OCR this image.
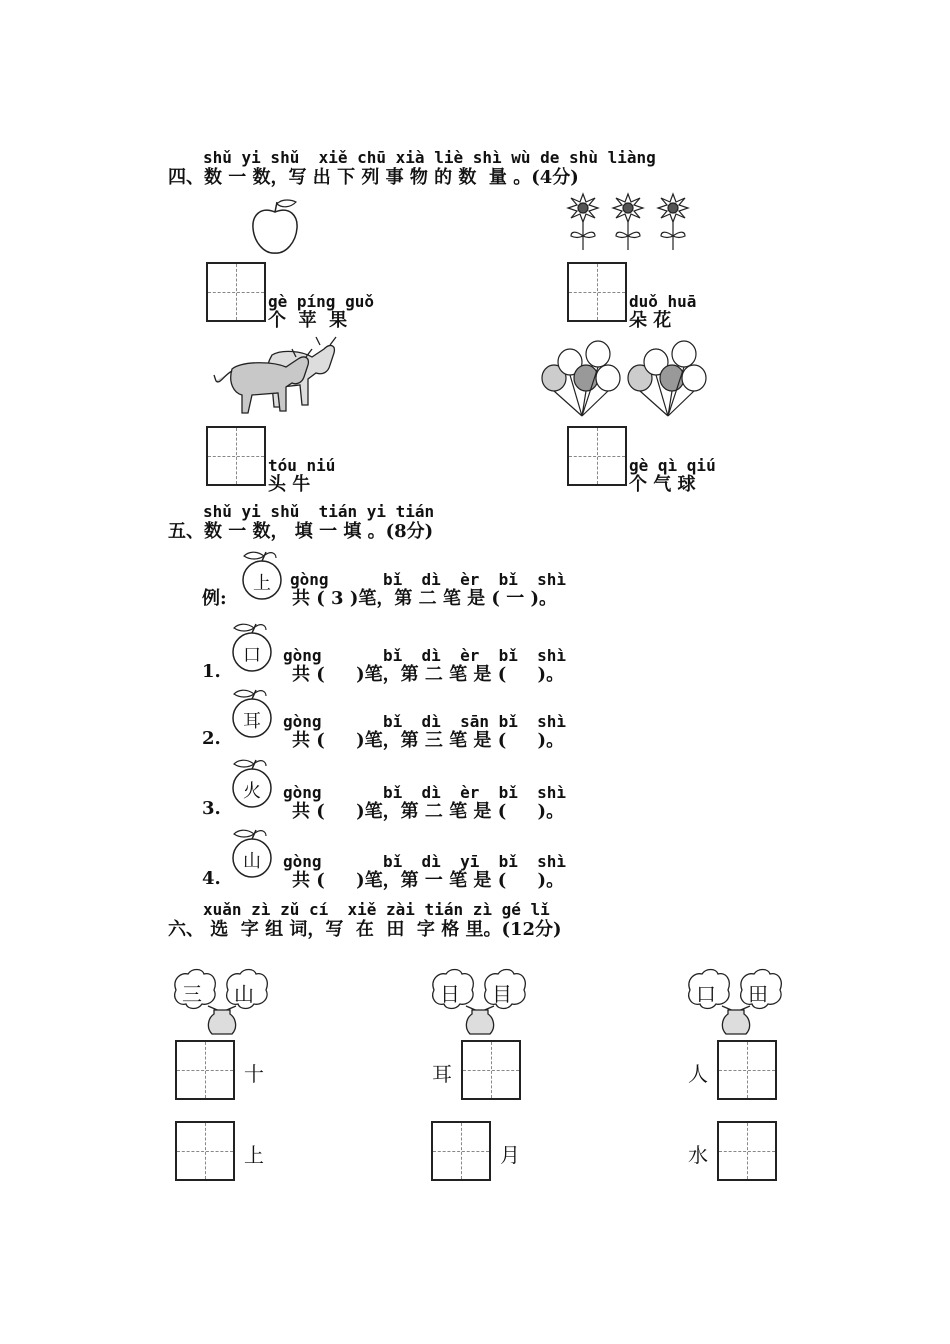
shǔ yi shǔ  xiě chū xià liè shì wù de shù liàng
四、数 一 数，写 出 下 列 事 物 的 数  量 。(4分)
gè píng guǒ
个  苹  果
duǒ huā
朵 花
tóu niú
头 牛
gè qì qiú
个 气 球
shǔ yi shǔ  tián yi tián
五、数 一 数， 填 一 填 。(8分)
例:
上 gòng	bǐ  dì  èr  bǐ  shì
共 ( 3 )笔，第 二 笔 是 ( 一 )。
1.
口 gòng	bǐ  dì  èr  bǐ  shì
共 (     )笔，第 二 笔 是 (     )。
2.
耳 gòng	bǐ  dì  sān bǐ  shì
共 (     )笔，第 三 笔 是 (     )。
3.
火 gòng	bǐ  dì  èr  bǐ  shì
共 (     )笔，第 二 笔 是 (     )。
4.
山 gòng	bǐ  dì  yī  bǐ  shì
共 (     )笔，第 一 笔 是 (     )。
xuǎn zì zǔ cí  xiě zài tián zì gé lǐ
六、 选  字 组 词，写  在  田  字 格 里。(12分)
三 山	日 目	口 田
十	耳	人
上	月	水
